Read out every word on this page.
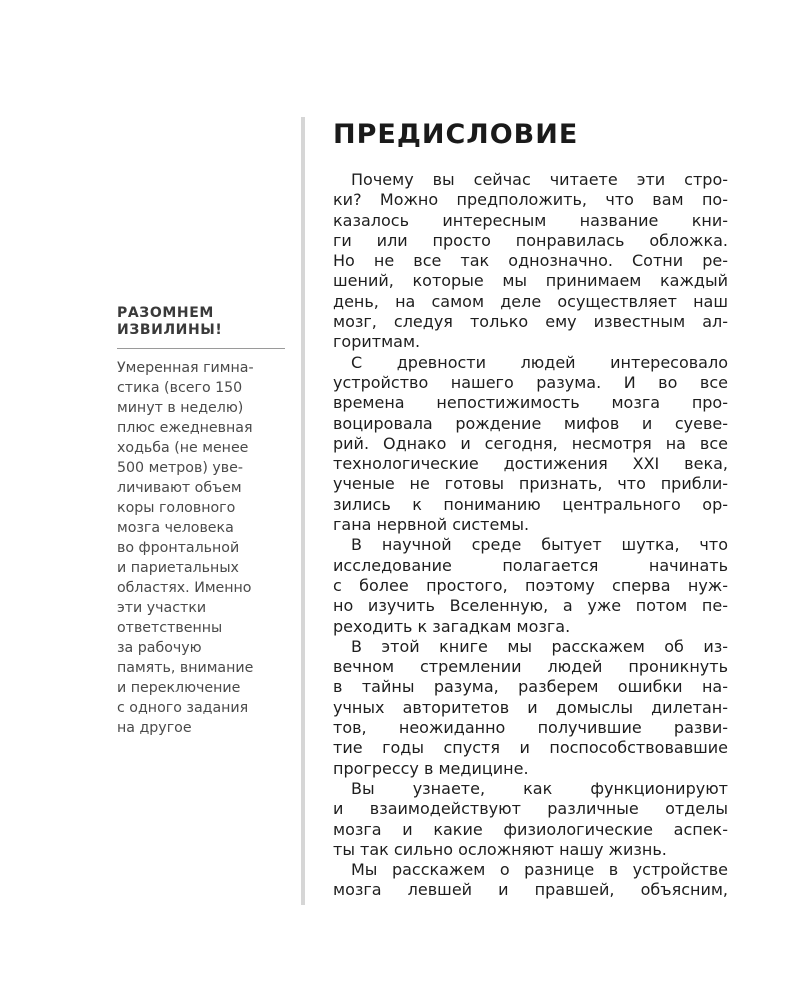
РАЗОМНЕМ
ИЗВИЛИНЫ!

Умеренная гимна-
стика (всего 150
минут в неделю)
плюс ежедневная
ходьба (не менее
500 метров) уве-
личивают объем
коры головного
мозга человека
во фронтальной
и париетальных
областях. Именно
эти участки
ответственны
за рабочую
память, внимание
и переключение
с одного задания
на другое

ПРЕДИСЛОВИЕ

Почему вы сейчас читаете эти стро-
ки? Можно предположить, что вам по-
казалось интересным название кни-
ги или просто понравилась обложка.
Но не все так однозначно. Сотни ре-
шений, которые мы принимаем каждый
день, на самом деле осуществляет наш
мозг, следуя только ему известным ал-
горитмам.

С древности людей интересовало
устройство нашего разума. И во все
времена непостижимость мозга про-
воцировала рождение мифов и суеве-
рий. Однако и сегодня, несмотря на все
технологические достижения XXI века,
ученые не готовы признать, что прибли-
зились к пониманию центрального ор-
гана нервной системы.

В научной среде бытует шутка, что
исследование полагается начинать
с более простого, поэтому сперва нуж-
но изучить Вселенную, а уже потом пе-
реходить к загадкам мозга.

В этой книге мы расскажем об из-
вечном стремлении людей проникнуть
в тайны разума, разберем ошибки на-
учных авторитетов и домыслы дилетан-
тов, неожиданно получившие разви-
тие годы спустя и поспособствовавшие
прогрессу в медицине.

Вы узнаете, как функционируют
и взаимодействуют различные отделы
мозга и какие физиологические аспек-
ты так сильно осложняют нашу жизнь.

Мы расскажем о разнице в устройстве
мозга левшей и правшей, объясним,
